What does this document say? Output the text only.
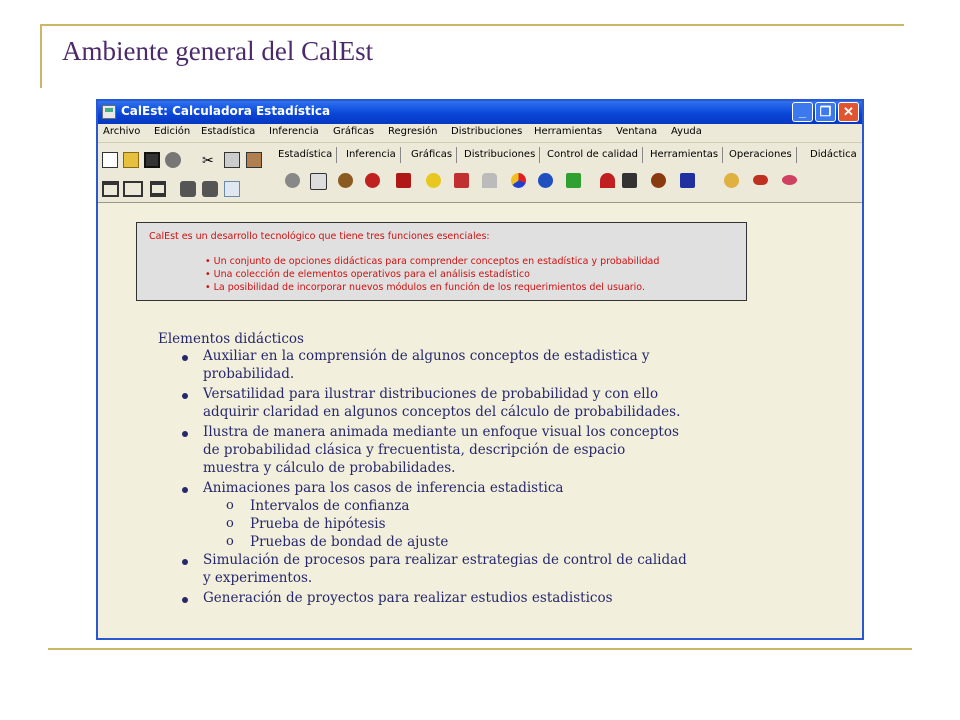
Ambiente general del CalEst
CalEst: Calculadora Estadística	_	❐ ✕
Archivo Edición Estadística Inferencia Gráficas Regresión Distribuciones Herramientas Ventana Ayuda
✂	Estadística	Inferencia	Gráficas	Distribuciones	Control de calidad	Herramientas	Operaciones	Didáctica
CalEst es un desarrollo tecnológico que tiene tres funciones esenciales:
• Un conjunto de opciones didácticas para comprender conceptos en estadística y probabilidad
• Una colección de elementos operativos para el análisis estadístico
• La posibilidad de incorporar nuevos módulos en función de los requerimientos del usuario.
Elementos didácticos
Auxiliar en la comprensión de algunos conceptos de estadistica y
probabilidad.
Versatilidad para ilustrar distribuciones de probabilidad y con ello
adquirir claridad en algunos conceptos del cálculo de probabilidades.
Ilustra de manera animada mediante un enfoque visual los conceptos
de probabilidad clásica y frecuentista, descripción de espacio
muestra y cálculo de probabilidades.
Animaciones para los casos de inferencia estadistica
o Intervalos de confianza
o Prueba de hipótesis
o Pruebas de bondad de ajuste
Simulación de procesos para realizar estrategias de control de calidad
y experimentos.
Generación de proyectos para realizar estudios estadisticos
